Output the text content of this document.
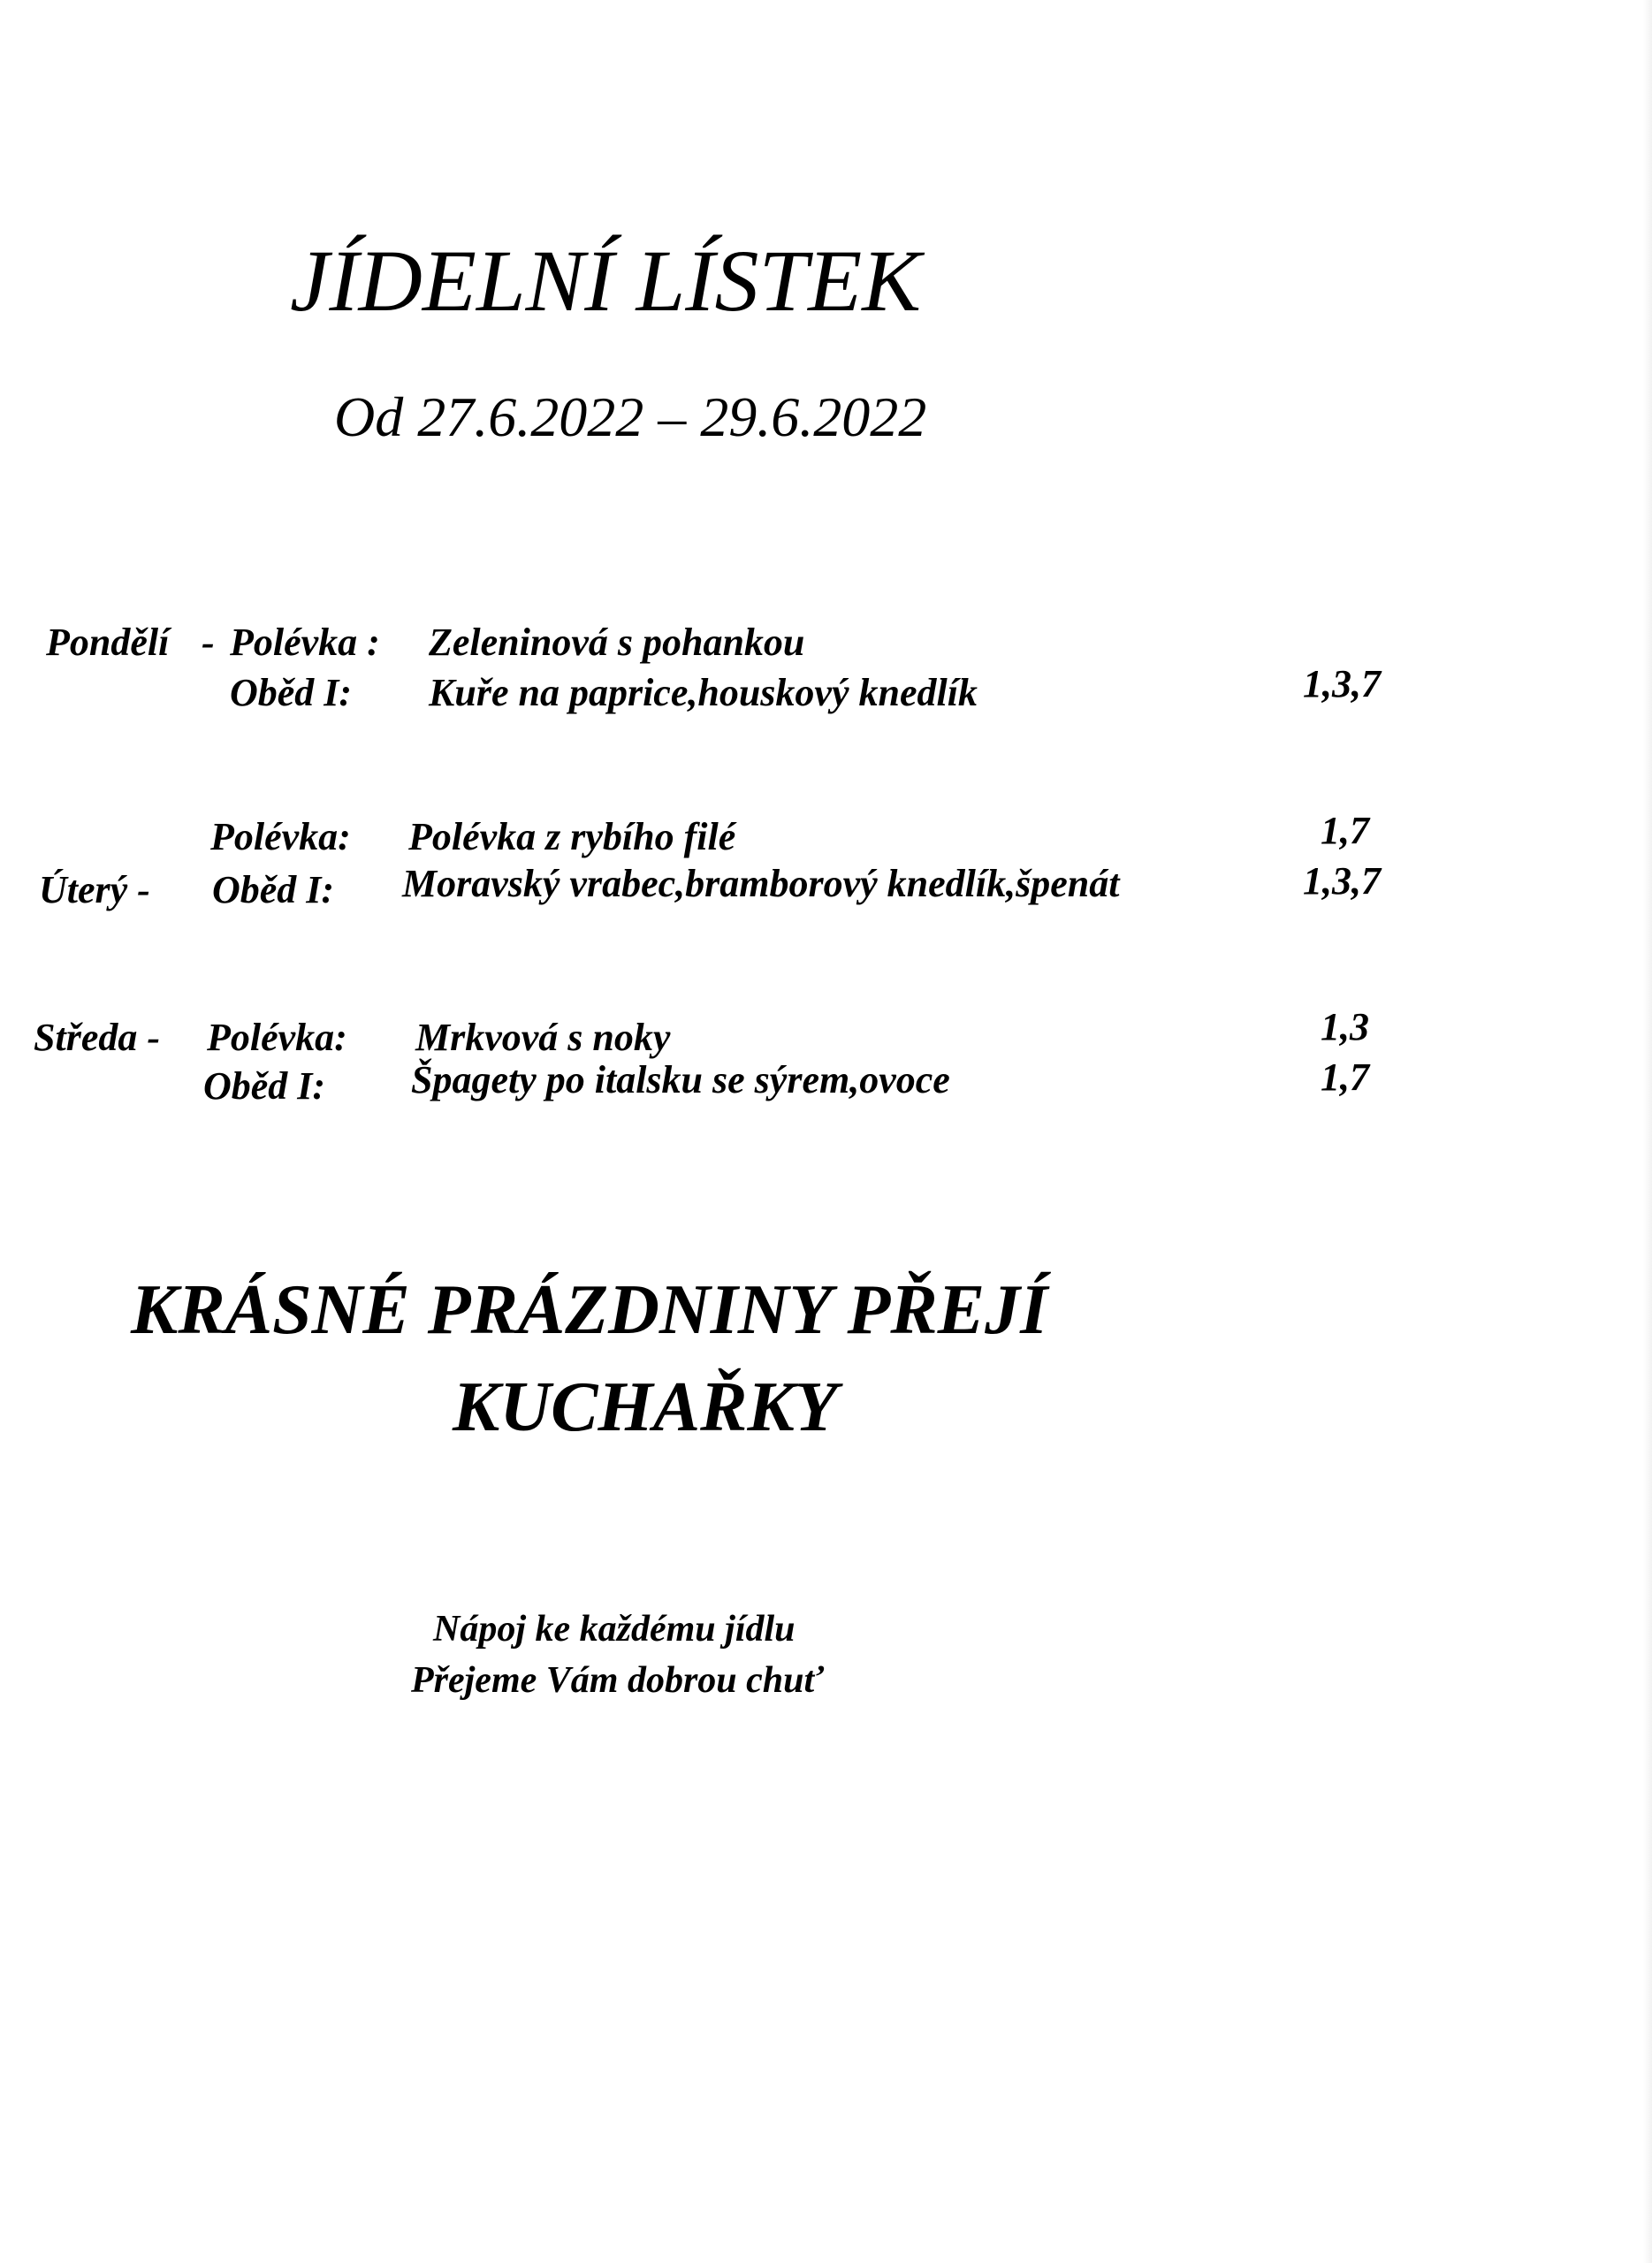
JÍDELNÍ LÍSTEK
Od 27.6.2022 – 29.6.2022
Pondělí - Polévka : Zeleninová s pohankou
Oběd I: Kuře na paprice,houskový knedlík	1,3,7
Polévka: Polévka z rybího filé	1,7
Úterý - Oběd I: Moravský vrabec,bramborový knedlík,špenát	1,3,7
Středa - Polévka: Mrkvová s noky	1,3
Oběd I: Špagety po italsku se sýrem,ovoce	1,7
KRÁSNÉ PRÁZDNINY PŘEJÍ
KUCHAŘKY
Nápoj ke každému jídlu
Přejeme Vám dobrou chuť
